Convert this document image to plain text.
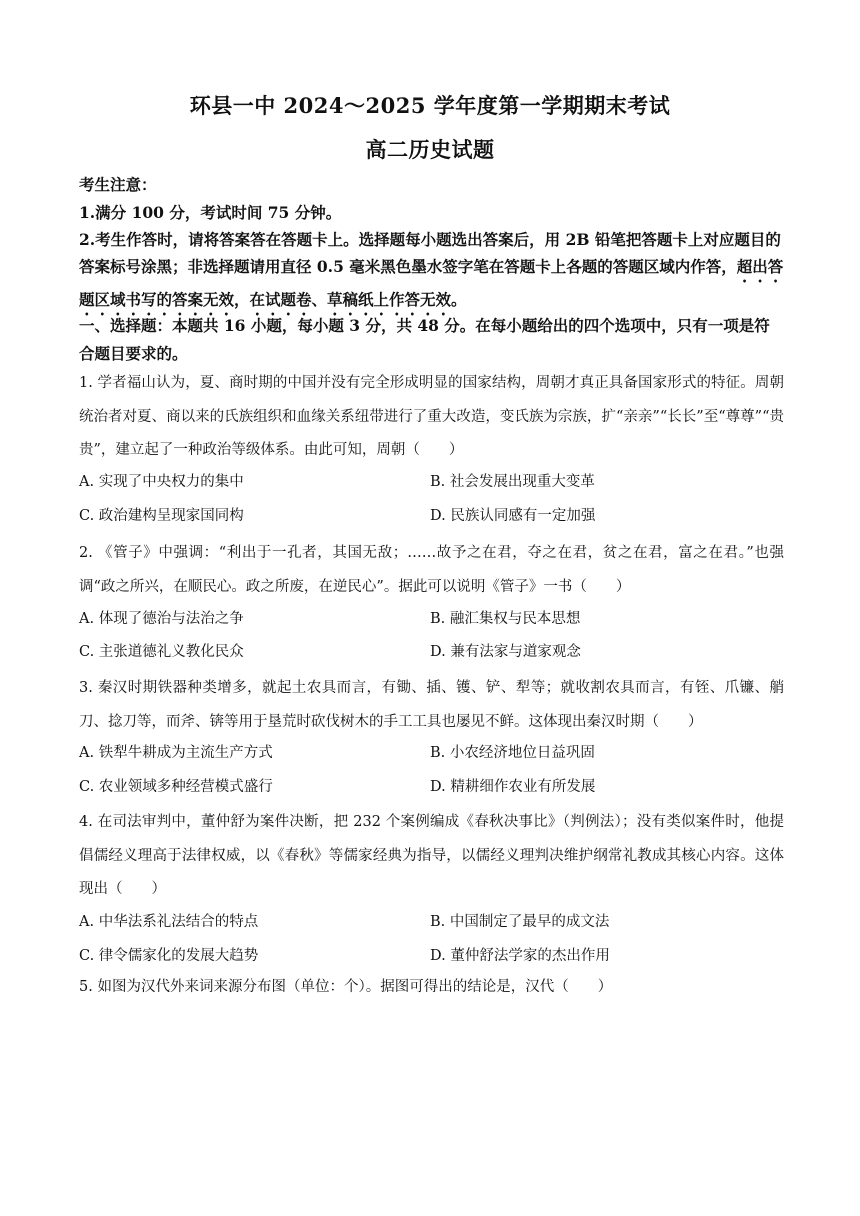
环县一中 2024～2025 学年度第一学期期末考试
高二历史试题
考生注意：
1.满分 100 分，考试时间 75 分钟。
2.考生作答时，请将答案答在答题卡上。选择题每小题选出答案后，用 2B 铅笔把答题卡上对应题目的答案标号涂黑；非选择题请用直径 0.5 毫米黑色墨水签字笔在答题卡上各题的答题区域内作答，超出答题区域书写的答案无效，在试题卷、草稿纸上作答无效。
一、选择题：本题共 16 小题，每小题 3 分，共 48 分。在每小题给出的四个选项中，只有一项是符合题目要求的。
1. 学者福山认为，夏、商时期的中国并没有完全形成明显的国家结构，周朝才真正具备国家形式的特征。周朝统治者对夏、商以来的氏族组织和血缘关系纽带进行了重大改造，变氏族为宗族，扩“亲亲”“长长”至“尊尊”“贵贵”，建立起了一种政治等级体系。由此可知，周朝（　　）
A. 实现了中央权力的集中	B. 社会发展出现重大变革
C. 政治建构呈现家国同构	D. 民族认同感有一定加强
2. 《管子》中强调：“利出于一孔者，其国无敌；……故予之在君，夺之在君，贫之在君，富之在君。”也强调“政之所兴，在顺民心。政之所废，在逆民心”。据此可以说明《管子》一书（　　）
A. 体现了德治与法治之争	B. 融汇集权与民本思想
C. 主张道德礼义教化民众	D. 兼有法家与道家观念
3. 秦汉时期铁器种类增多，就起土农具而言，有锄、插、镬、铲、犁等；就收割农具而言，有铚、爪镰、艄刀、捻刀等，而斧、锛等用于垦荒时砍伐树木的手工工具也屡见不鲜。这体现出秦汉时期（　　）
A. 铁犁牛耕成为主流生产方式	B. 小农经济地位日益巩固
C. 农业领域多种经营模式盛行	D. 精耕细作农业有所发展
4. 在司法审判中，董仲舒为案件决断，把 232 个案例编成《春秋决事比》（判例法）；没有类似案件时，他提倡儒经义理高于法律权威，以《春秋》等儒家经典为指导，以儒经义理判决维护纲常礼教成其核心内容。这体现出（　　）
A. 中华法系礼法结合的特点	B. 中国制定了最早的成文法
C. 律令儒家化的发展大趋势	D. 董仲舒法学家的杰出作用
5. 如图为汉代外来词来源分布图（单位：个）。据图可得出的结论是，汉代（　　）
